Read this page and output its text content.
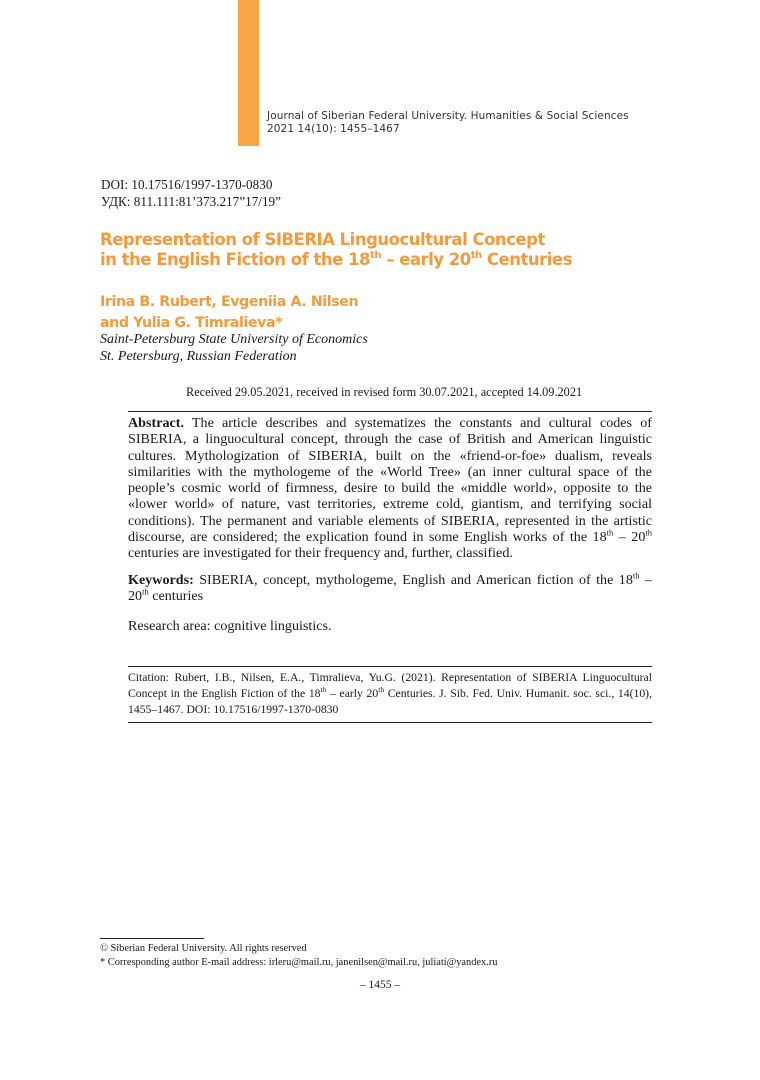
Journal of Siberian Federal University. Humanities & Social Sciences
2021 14(10): 1455–1467
DOI: 10.17516/1997-1370-0830
УДК: 811.111:81’373.217”17/19”
Representation of SIBERIA Linguocultural Concept
in the English Fiction of the 18th – early 20th Centuries
Irina B. Rubert, Evgeniia A. Nilsen
and Yulia G. Timralieva*
Saint-Petersburg State University of Economics
St. Petersburg, Russian Federation
Received 29.05.2021, received in revised form 30.07.2021, accepted 14.09.2021

Abstract. The article describes and systematizes the constants and cultural codes of SIBERIA, a linguocultural concept, through the case of British and American linguistic cultures. Mythologization of SIBERIA, built on the «friend-or-foe» dualism, reveals similarities with the mythologeme of the «World Tree» (an inner cultural space of the people’s cosmic world of firmness, desire to build the «middle world», opposite to the «lower world» of nature, vast territories, extreme cold, giantism, and terrifying social conditions). The permanent and variable elements of SIBERIA, represented in the artistic discourse, are considered; the explication found in some English works of the 18th – 20th centuries are investigated for their frequency and, further, classified.

Keywords: SIBERIA, concept, mythologeme, English and American fiction of the 18th – 20th centuries

Research area: cognitive linguistics.

Citation: Rubert, I.B., Nilsen, E.A., Timralieva, Yu.G. (2021). Representation of SIBERIA Linguocultural Concept in the English Fiction of the 18th – early 20th Centuries. J. Sib. Fed. Univ. Humanit. soc. sci., 14(10), 1455–1467. DOI: 10.17516/1997-1370-0830
© Siberian Federal University. All rights reserved
* Corresponding author E-mail address: irleru@mail.ru, janenilsen@mail.ru, juliati@yandex.ru
– 1455 –
